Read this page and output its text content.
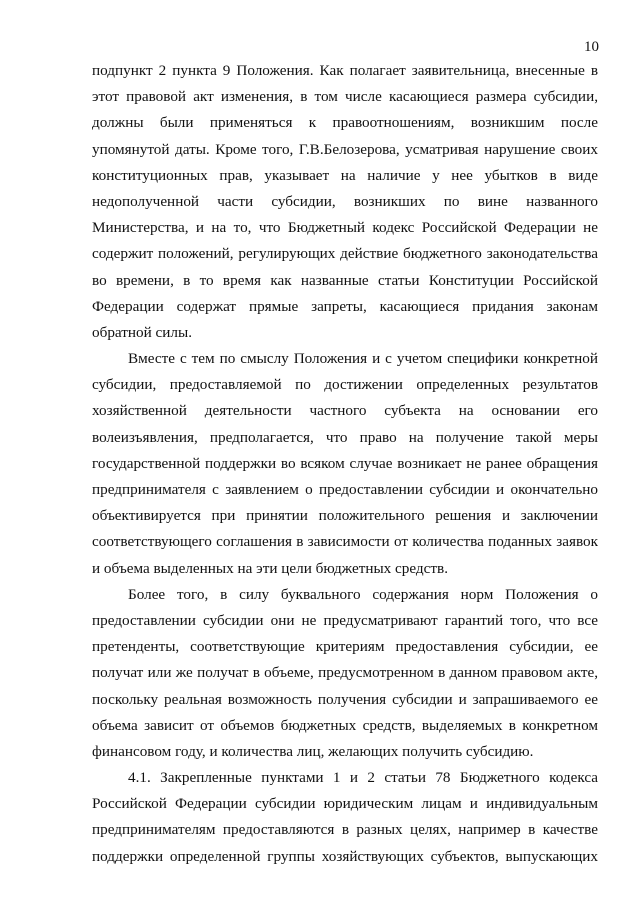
10
подпункт 2 пункта 9 Положения. Как полагает заявительница, внесенные в
этот правовой акт изменения, в том числе касающиеся размера субсидии,
должны были применяться к правоотношениям, возникшим после
упомянутой даты. Кроме того, Г.В.Белозерова, усматривая нарушение своих
конституционных прав, указывает на наличие у нее убытков в виде
недополученной части субсидии, возникших по вине названного
Министерства, и на то, что Бюджетный кодекс Российской Федерации не
содержит положений, регулирующих действие бюджетного законодательства
во времени, в то время как названные статьи Конституции Российской
Федерации содержат прямые запреты, касающиеся придания законам
обратной силы.
Вместе с тем по смыслу Положения и с учетом специфики конкретной
субсидии, предоставляемой по достижении определенных результатов
хозяйственной деятельности частного субъекта на основании его
волеизъявления, предполагается, что право на получение такой меры
государственной поддержки во всяком случае возникает не ранее обращения
предпринимателя с заявлением о предоставлении субсидии и окончательно
объективируется при принятии положительного решения и заключении
соответствующего соглашения в зависимости от количества поданных заявок
и объема выделенных на эти цели бюджетных средств.
Более того, в силу буквального содержания норм Положения о
предоставлении субсидии они не предусматривают гарантий того, что все
претенденты, соответствующие критериям предоставления субсидии, ее
получат или же получат в объеме, предусмотренном в данном правовом акте,
поскольку реальная возможность получения субсидии и запрашиваемого ее
объема зависит от объемов бюджетных средств, выделяемых в конкретном
финансовом году, и количества лиц, желающих получить субсидию.
4.1. Закрепленные пунктами 1 и 2 статьи 78 Бюджетного кодекса
Российской Федерации субсидии юридическим лицам и индивидуальным
предпринимателям предоставляются в разных целях, например в качестве
поддержки определенной группы хозяйствующих субъектов, выпускающих
